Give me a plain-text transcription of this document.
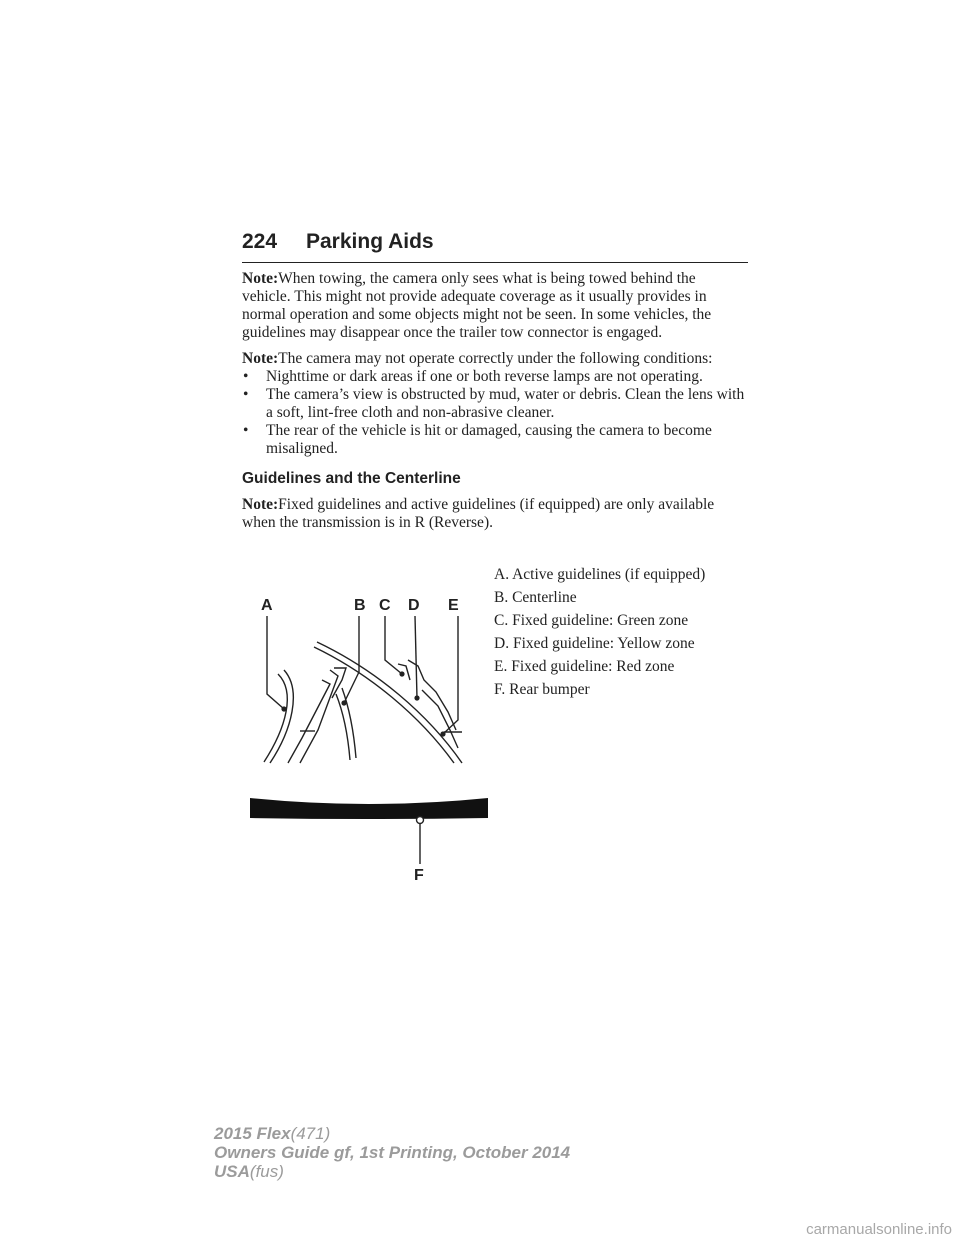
224 Parking Aids

Note:When towing, the camera only sees what is being towed behind the vehicle. This might not provide adequate coverage as it usually provides in normal operation and some objects might not be seen. In some vehicles, the guidelines may disappear once the trailer tow connector is engaged.

Note:The camera may not operate correctly under the following conditions:

• Nighttime or dark areas if one or both reverse lamps are not operating.
• The camera’s view is obstructed by mud, water or debris. Clean the lens with a soft, lint-free cloth and non-abrasive cleaner.
• The rear of the vehicle is hit or damaged, causing the camera to become misaligned.
Guidelines and the Centerline

Note:Fixed guidelines and active guidelines (if equipped) are only available when the transmission is in R (Reverse).

A. Active guidelines (if equipped)
B. Centerline
C. Fixed guideline: Green zone
D. Fixed guideline: Yellow zone
E. Fixed guideline: Red zone
F. Rear bumper
A	B C D E
F
2015 Flex(471)
Owners Guide gf, 1st Printing, October 2014
USA(fus)
carmanualsonline.info
